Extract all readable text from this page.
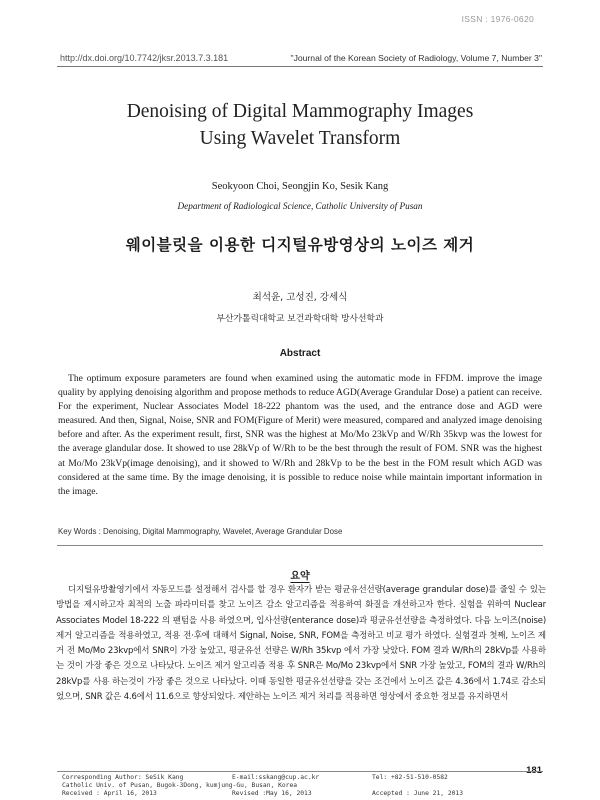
ISSN : 1976-0620
http://dx.doi.org/10.7742/jksr.2013.7.3.181	"Journal of the Korean Society of Radiology, Volume 7, Number 3"
Denoising of Digital Mammography Images
Using Wavelet Transform
Seokyoon Choi, Seongjin Ko, Sesik Kang
Department of Radiological Science, Catholic University of Pusan
웨이블릿을 이용한 디지털유방영상의 노이즈 제거
최석윤, 고성진, 강세식
부산가톨릭대학교 보건과학대학 방사선학과
Abstract
The optimum exposure parameters are found when examined using the automatic mode in FFDM. improve the image quality by applying denoising algorithm and propose methods to reduce AGD(Average Grandular Dose) a patient can receive. For the experiment, Nuclear Associates Model 18-222 phantom was the used, and the entrance dose and AGD were measured. And then, Signal, Noise, SNR and FOM(Figure of Merit) were measured, compared and analyzed image denoising before and after. As the experiment result, first, SNR was the highest at Mo/Mo 23kVp and W/Rh 35kvp was the lowest for the average glandular dose. It showed to use 28kVp of W/Rh to be the best through the result of FOM. SNR was the highest at Mo/Mo 23kVp(image denoising), and it showed to W/Rh and 28kVp to be the best in the FOM result which AGD was considered at the same time. By the image denoising, it is possible to reduce noise while maintain important information in the image.
Key Words : Denoising, Digital Mammography, Wavelet, Average Grandular Dose
요약
디지털유방촬영기에서 자동모드를 설정해서 검사를 할 경우 환자가 받는 평균유선선량(average grandular dose)를 줄일 수 있는 방법을 제시하고자 최적의 노출 파라미터를 찾고 노이즈 감소 알고리즘을 적용하여 화질을 개선하고자 한다. 실험을 위하여 Nuclear Associates Model 18-222 의 팬텀을 사용 하였으며, 입사선량(enterance dose)과 평균유선선량을 측정하였다. 다음 노이즈(noise) 제거 알고리즘을 적용하였고, 적용 전·후에 대해서 Signal, Noise, SNR, FOM을 측정하고 비교 평가 하였다. 실험결과 첫째, 노이즈 제거 전 Mo/Mo 23kvp에서 SNR이 가장 높았고, 평균유선 선량은 W/Rh 35kvp 에서 가장 낮았다. FOM 결과 W/Rh의 28kVp를 사용하는 것이 가장 좋은 것으로 나타났다. 노이즈 제거 알고리즘 적용 후 SNR은 Mo/Mo 23kvp에서 SNR 가장 높았고, FOM의 결과 W/Rh의 28kVp를 사용 하는것이 가장 좋은 것으로 나타났다. 이때 동일한 평균유선선량을 갖는 조건에서 노이즈 값은 4.36에서 1.74로 감소되었으며, SNR 값은 4.6에서 11.6으로 향상되었다. 제안하는 노이즈 제거 처리를 적용하면 영상에서 중요한 정보를 유지하면서
181
Corresponding Author: SeSik Kang	E-mail:sskang@cup.ac.kr	Tel: +82-51-510-0582
Catholic Univ. of Pusan, Bugok-3Dong, kumjung-Gu, Busan, Korea
Received : April 16, 2013	Revised :May 16, 2013	Accepted : June 21, 2013
